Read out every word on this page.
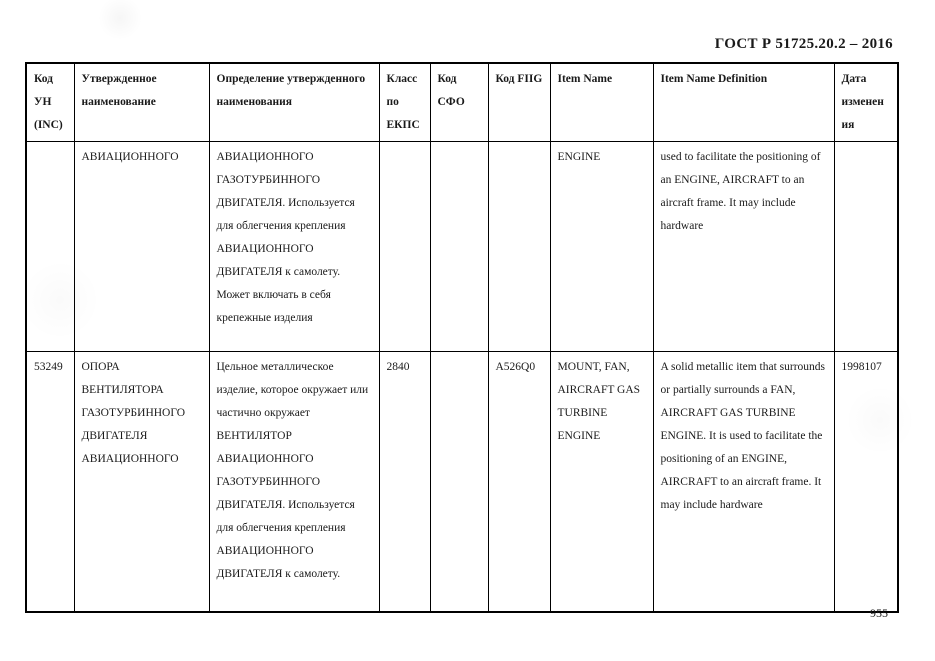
ГОСТ Р 51725.20.2 – 2016
Код УН (INC)	Утвержденное наименование	Определение утвержденного наименования	Класс по ЕКПС	Код СФО	Код FIIG	Item Name	Item Name Definition	Дата изменения
	АВИАЦИОННОГО	АВИАЦИОННОГО ГАЗОТУРБИННОГО ДВИГАТЕЛЯ. Используется для облегчения крепления АВИАЦИОННОГО ДВИГАТЕЛЯ к самолету. Может включать в себя крепежные изделия				ENGINE	used to facilitate the positioning of an ENGINE, AIRCRAFT to an aircraft frame. It may include hardware	
53249	ОПОРА ВЕНТИЛЯТОРА ГАЗОТУРБИННОГО ДВИГАТЕЛЯ АВИАЦИОННОГО	Цельное металлическое изделие, которое окружает или частично окружает ВЕНТИЛЯТОР АВИАЦИОННОГО ГАЗОТУРБИННОГО ДВИГАТЕЛЯ. Используется для облегчения крепления АВИАЦИОННОГО ДВИГАТЕЛЯ к самолету.	2840		A526Q0	MOUNT, FAN, AIRCRAFT GAS TURBINE ENGINE	A solid metallic item that surrounds or partially surrounds a FAN, AIRCRAFT GAS TURBINE ENGINE. It is used to facilitate the positioning of an ENGINE, AIRCRAFT to an aircraft frame. It may include hardware	1998107
955
